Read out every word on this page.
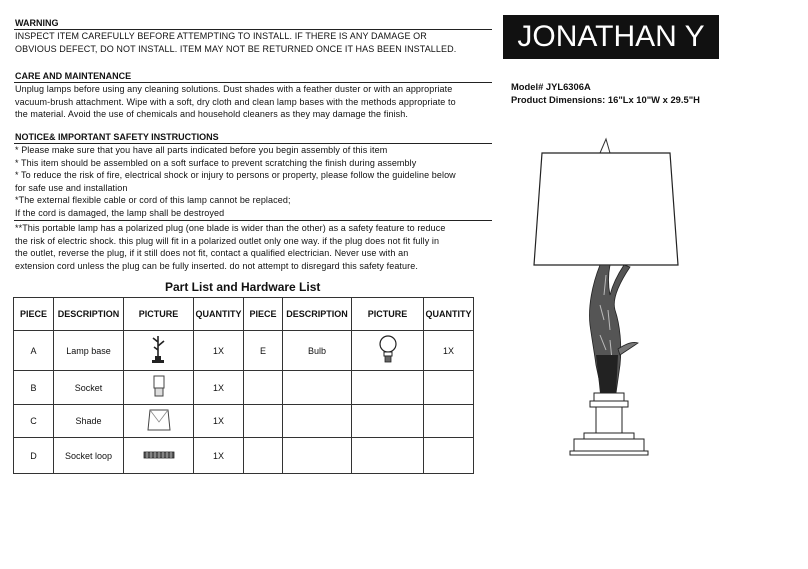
WARNING
INSPECT ITEM CAREFULLY BEFORE ATTEMPTING TO INSTALL. IF THERE IS ANY DAMAGE OR
OBVIOUS DEFECT, DO NOT INSTALL. ITEM MAY NOT BE RETURNED ONCE IT HAS BEEN INSTALLED.
CARE AND MAINTENANCE
Unplug lamps before using any cleaning solutions. Dust shades with a feather duster or with an appropriate
vacuum-brush attachment. Wipe with a soft, dry cloth and clean lamp bases with the methods appropriate to
the material. Avoid the use of chemicals and household cleaners as they may damage the finish.
NOTICE& IMPORTANT SAFETY INSTRUCTIONS
* Please make sure that you have all parts indicated before you begin assembly of this item
* This item should be assembled on a soft surface to prevent scratching the finish during assembly
* To reduce the risk of fire, electrical shock or injury to persons or property, please follow the guideline below
for safe use and installation
*The external flexible cable or cord of this lamp cannot be replaced;
If the cord is damaged, the lamp shall be destroyed
**This portable lamp has a polarized plug (one blade is wider than the other) as a safety feature to reduce
the risk of electric shock. this plug will fit in a polarized outlet only one way. if the plug does not fit fully in
the outlet, reverse the plug, if it still does not fit, contact a qualified electrician. Never use with an
extension cord unless the plug can be fully inserted. do not attempt to disregard this safety feature.
JONATHAN Y
Model# JYL6306A
Product Dimensions: 16"Lx 10"W x 29.5"H
Part List and Hardware List
PIECE	DESCRIPTION	PICTURE	QUANTITY	PIECE	DESCRIPTION	PICTURE	QUANTITY
A	Lamp base		1X	E	Bulb		1X
B	Socket		1X				
C	Shade		1X				
D	Socket loop		1X				
